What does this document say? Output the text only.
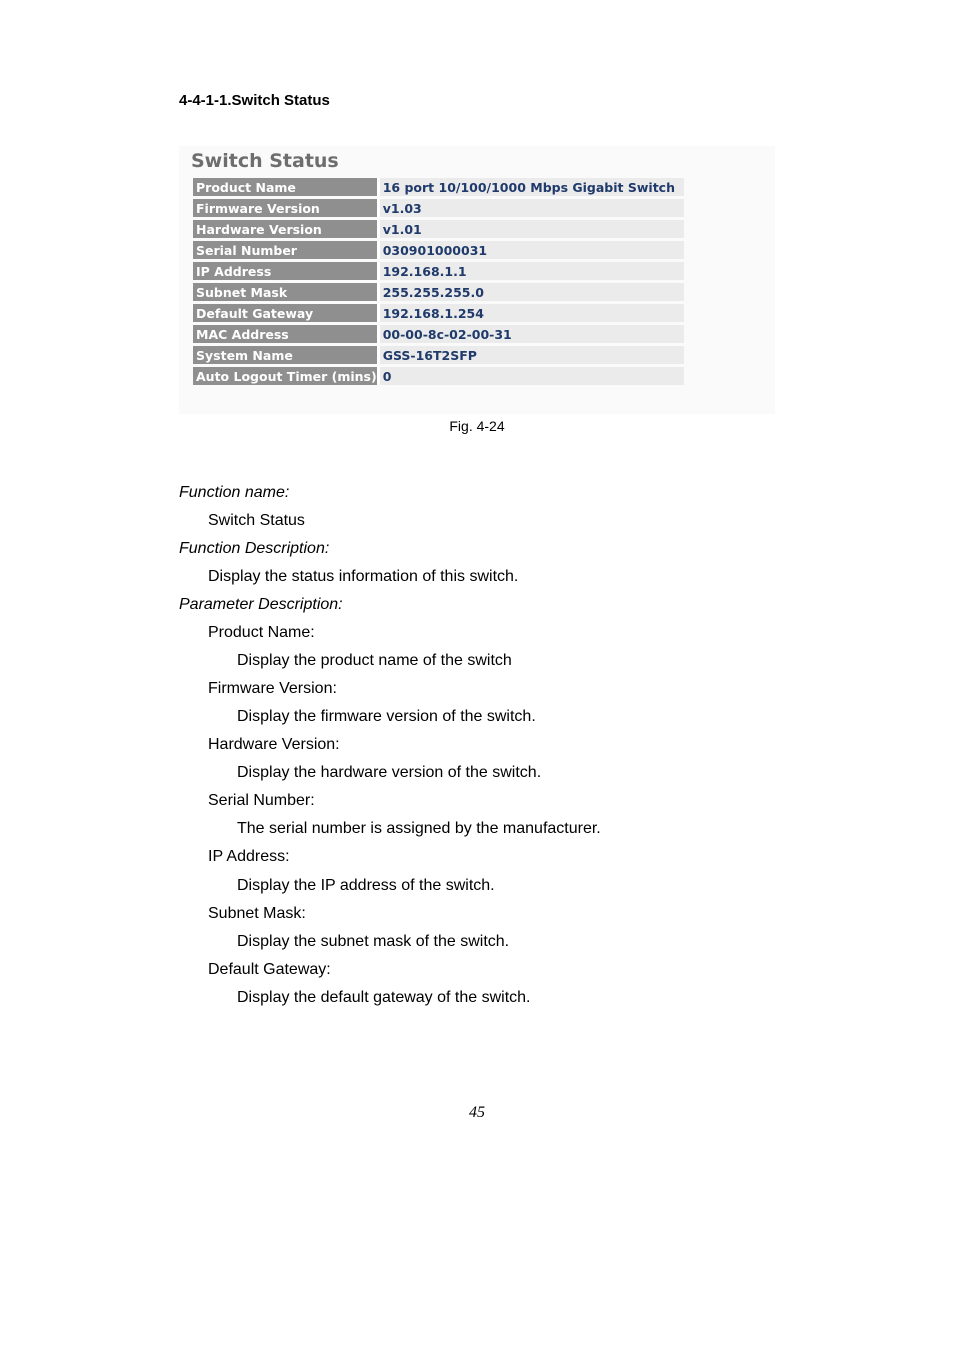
4-4-1-1.Switch Status
Switch Status
Product Name	16 port 10/100/1000 Mbps Gigabit Switch
Firmware Version	v1.03
Hardware Version	v1.01
Serial Number	030901000031
IP Address	192.168.1.1
Subnet Mask	255.255.255.0
Default Gateway	192.168.1.254
MAC Address	00-00-8c-02-00-31
System Name	GSS-16T2SFP
Auto Logout Timer (mins)	0
Fig. 4-24
Function name:
Switch Status
Function Description:
Display the status information of this switch.
Parameter Description:
Product Name:
Display the product name of the switch
Firmware Version:
Display the firmware version of the switch.
Hardware Version:
Display the hardware version of the switch.
Serial Number:
The serial number is assigned by the manufacturer.
IP Address:
Display the IP address of the switch.
Subnet Mask:
Display the subnet mask of the switch.
Default Gateway:
Display the default gateway of the switch.
45
